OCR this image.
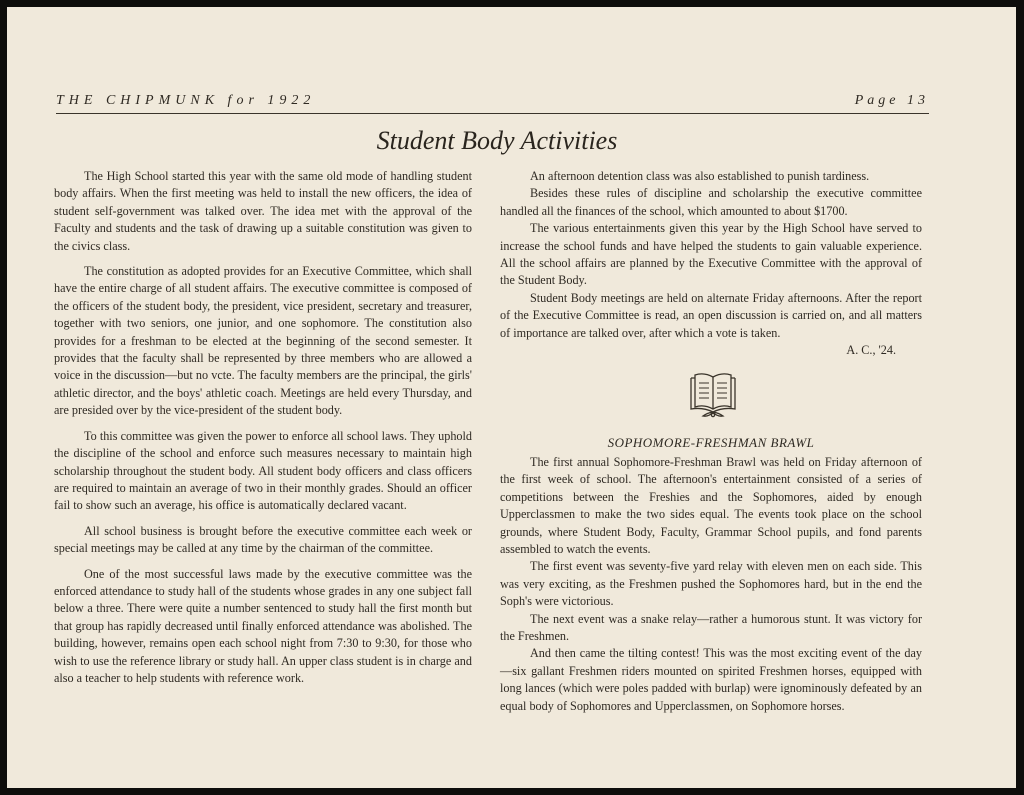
THE CHIPMUNK for 1922	Page 13
Student Body Activities

The High School started this year with the same old mode of handling student body affairs. When the first meeting was held to install the new officers, the idea of student self-government was talked over. The idea met with the approval of the Faculty and students and the task of drawing up a suitable constitution was given to the civics class.

The constitution as adopted provides for an Executive Committee, which shall have the entire charge of all student affairs. The executive committee is composed of the officers of the student body, the president, vice president, secretary and treasurer, together with two seniors, one junior, and one sophomore. The constitution also provides for a freshman to be elected at the beginning of the second semester. It provides that the faculty shall be represented by three members who are allowed a voice in the discussion—but no vcte. The faculty members are the principal, the girls' athletic director, and the boys' athletic coach. Meetings are held every Thursday, and are presided over by the vice-president of the student body.

To this committee was given the power to enforce all school laws. They uphold the discipline of the school and enforce such measures necessary to maintain high scholarship throughout the student body. All student body officers and class officers are required to maintain an average of two in their monthly grades. Should an officer fail to show such an average, his office is automatically declared vacant.

All school business is brought before the executive committee each week or special meetings may be called at any time by the chairman of the committee.

One of the most successful laws made by the executive committee was the enforced attendance to study hall of the students whose grades in any one subject fall below a three. There were quite a number sentenced to study hall the first month but that group has rapidly decreased until finally enforced attendance was abolished. The building, however, remains open each school night from 7:30 to 9:30, for those who wish to use the reference library or study hall. An upper class student is in charge and also a teacher to help students with reference work.

An afternoon detention class was also established to punish tardiness.

Besides these rules of discipline and scholarship the executive committee handled all the finances of the school, which amounted to about $1700.

The various entertainments given this year by the High School have served to increase the school funds and have helped the students to gain valuable experience. All the school affairs are planned by the Executive Committee with the approval of the Student Body.

Student Body meetings are held on alternate Friday afternoons. After the report of the Executive Committee is read, an open discussion is carried on, and all matters of importance are talked over, after which a vote is taken.

A. C., '24.
SOPHOMORE-FRESHMAN BRAWL

The first annual Sophomore-Freshman Brawl was held on Friday afternoon of the first week of school. The afternoon's entertainment consisted of a series of competitions between the Freshies and the Sophomores, aided by enough Upperclassmen to make the two sides equal. The events took place on the school grounds, where Student Body, Faculty, Grammar School pupils, and fond parents assembled to watch the events.

The first event was seventy-five yard relay with eleven men on each side. This was very exciting, as the Freshmen pushed the Sophomores hard, but in the end the Soph's were victorious.

The next event was a snake relay—rather a humorous stunt. It was victory for the Freshmen.

And then came the tilting contest! This was the most exciting event of the day—six gallant Freshmen riders mounted on spirited Freshmen horses, equipped with long lances (which were poles padded with burlap) were ignominously defeated by an equal body of Sophomores and Upperclassmen, on Sophomore horses.
